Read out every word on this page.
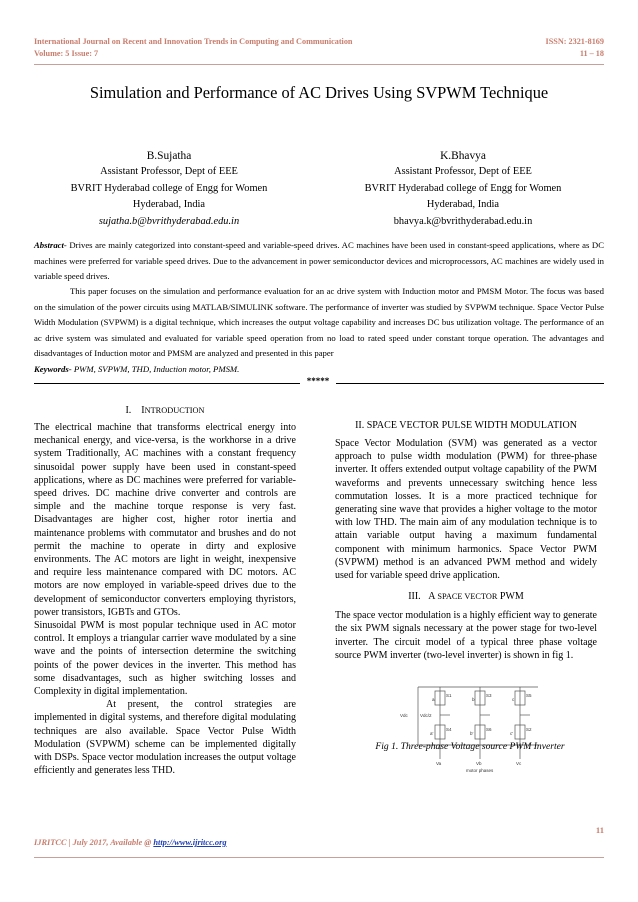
International Journal on Recent and Innovation Trends in Computing and Communication	ISSN: 2321-8169
Volume: 5 Issue: 7	11 – 18
Simulation and Performance of AC Drives Using SVPWM Technique
B.Sujatha
Assistant Professor, Dept of EEE
BVRIT Hyderabad college of Engg for Women
Hyderabad, India
sujatha.b@bvrithyderabad.edu.in
K.Bhavya
Assistant Professor, Dept of EEE
BVRIT Hyderabad college of Engg for Women
Hyderabad, India
bhavya.k@bvrithyderabad.edu.in
Abstract- Drives are mainly categorized into constant-speed and variable-speed drives. AC machines have been used in constant-speed applications, where as DC machines were preferred for variable speed drives. Due to the advancement in power semiconductor devices and microprocessors, AC machines are widely used in variable speed drives.
This paper focuses on the simulation and performance evaluation for an ac drive system with Induction motor and PMSM Motor. The focus was based on the simulation of the power circuits using MATLAB/SIMULINK software. The performance of inverter was studied by SVPWM technique. Space Vector Pulse Width Modulation (SVPWM) is a digital technique, which increases the output voltage capability and increases DC bus utilization voltage. The performance of an ac drive system was simulated and evaluated for variable speed operation from no load to rated speed under constant torque operation. The advantages and disadvantages of Induction motor and PMSM are analyzed and presented in this paper
Keywords- PWM, SVPWM, THD, Induction motor, PMSM.
*****
I. INTRODUCTION

The electrical machine that transforms electrical energy into mechanical energy, and vice-versa, is the workhorse in a drive system Traditionally, AC machines with a constant frequency sinusoidal power supply have been used in constant-speed applications, where as DC machines were preferred for variable-speed drives. DC machine drive converter and controls are simple and the machine torque response is very fast. Disadvantages are higher cost, higher rotor inertia and maintenance problems with commutator and brushes and do not permit the machine to operate in dirty and explosive environments. The AC motors are light in weight, inexpensive and require less maintenance compared with DC motors. AC motors are now employed in variable-speed drives due to the development of semiconductor converters employing thyristors, power transistors, IGBTs and GTOs.

Sinusoidal PWM is most popular technique used in AC motor control. It employs a triangular carrier wave modulated by a sine wave and the points of intersection determine the switching points of the power devices in the inverter. This method has some disadvantages, such as higher switching losses and Complexity in digital implementation.

At present, the control strategies are implemented in digital systems, and therefore digital modulating techniques are also available. Space Vector Pulse Width Modulation (SVPWM) scheme can be implemented digitally with DSPs. Space vector modulation increases the output voltage efficiently and generates less THD.

II. SPACE VECTOR PULSE WIDTH MODULATION

Space Vector Modulation (SVM) was generated as a vector approach to pulse width modulation (PWM) for three-phase inverter. It offers extended output voltage capability of the PWM waveforms and prevents unnecessary switching hence less commutation losses. It is a more practiced technique for generating sine wave that provides a higher voltage to the motor with low THD. The main aim of any modulation technique is to attain variable output having a maximum fundamental component with minimum harmonics. Space Vector PWM (SVPWM) method is an advanced PWM method and widely used for variable speed drive application.

III. A SPACE VECTOR PWM

The space vector modulation is a highly efficient way to generate the six PWM signals necessary at the power stage for two-level inverter. The circuit model of a typical three phase voltage source PWM inverter (two-level inverter) is shown in fig 1.

S1	S3	S5
S4	S6	S2
a	b	c
a'	b'	c'
Vdc	Vdc/2
Va	Vb	Vc
motor phases
Fig 1. Three-phase Voltage source PWM Inverter
11
IJRITCC | July 2017, Available @ http://www.ijritcc.org
